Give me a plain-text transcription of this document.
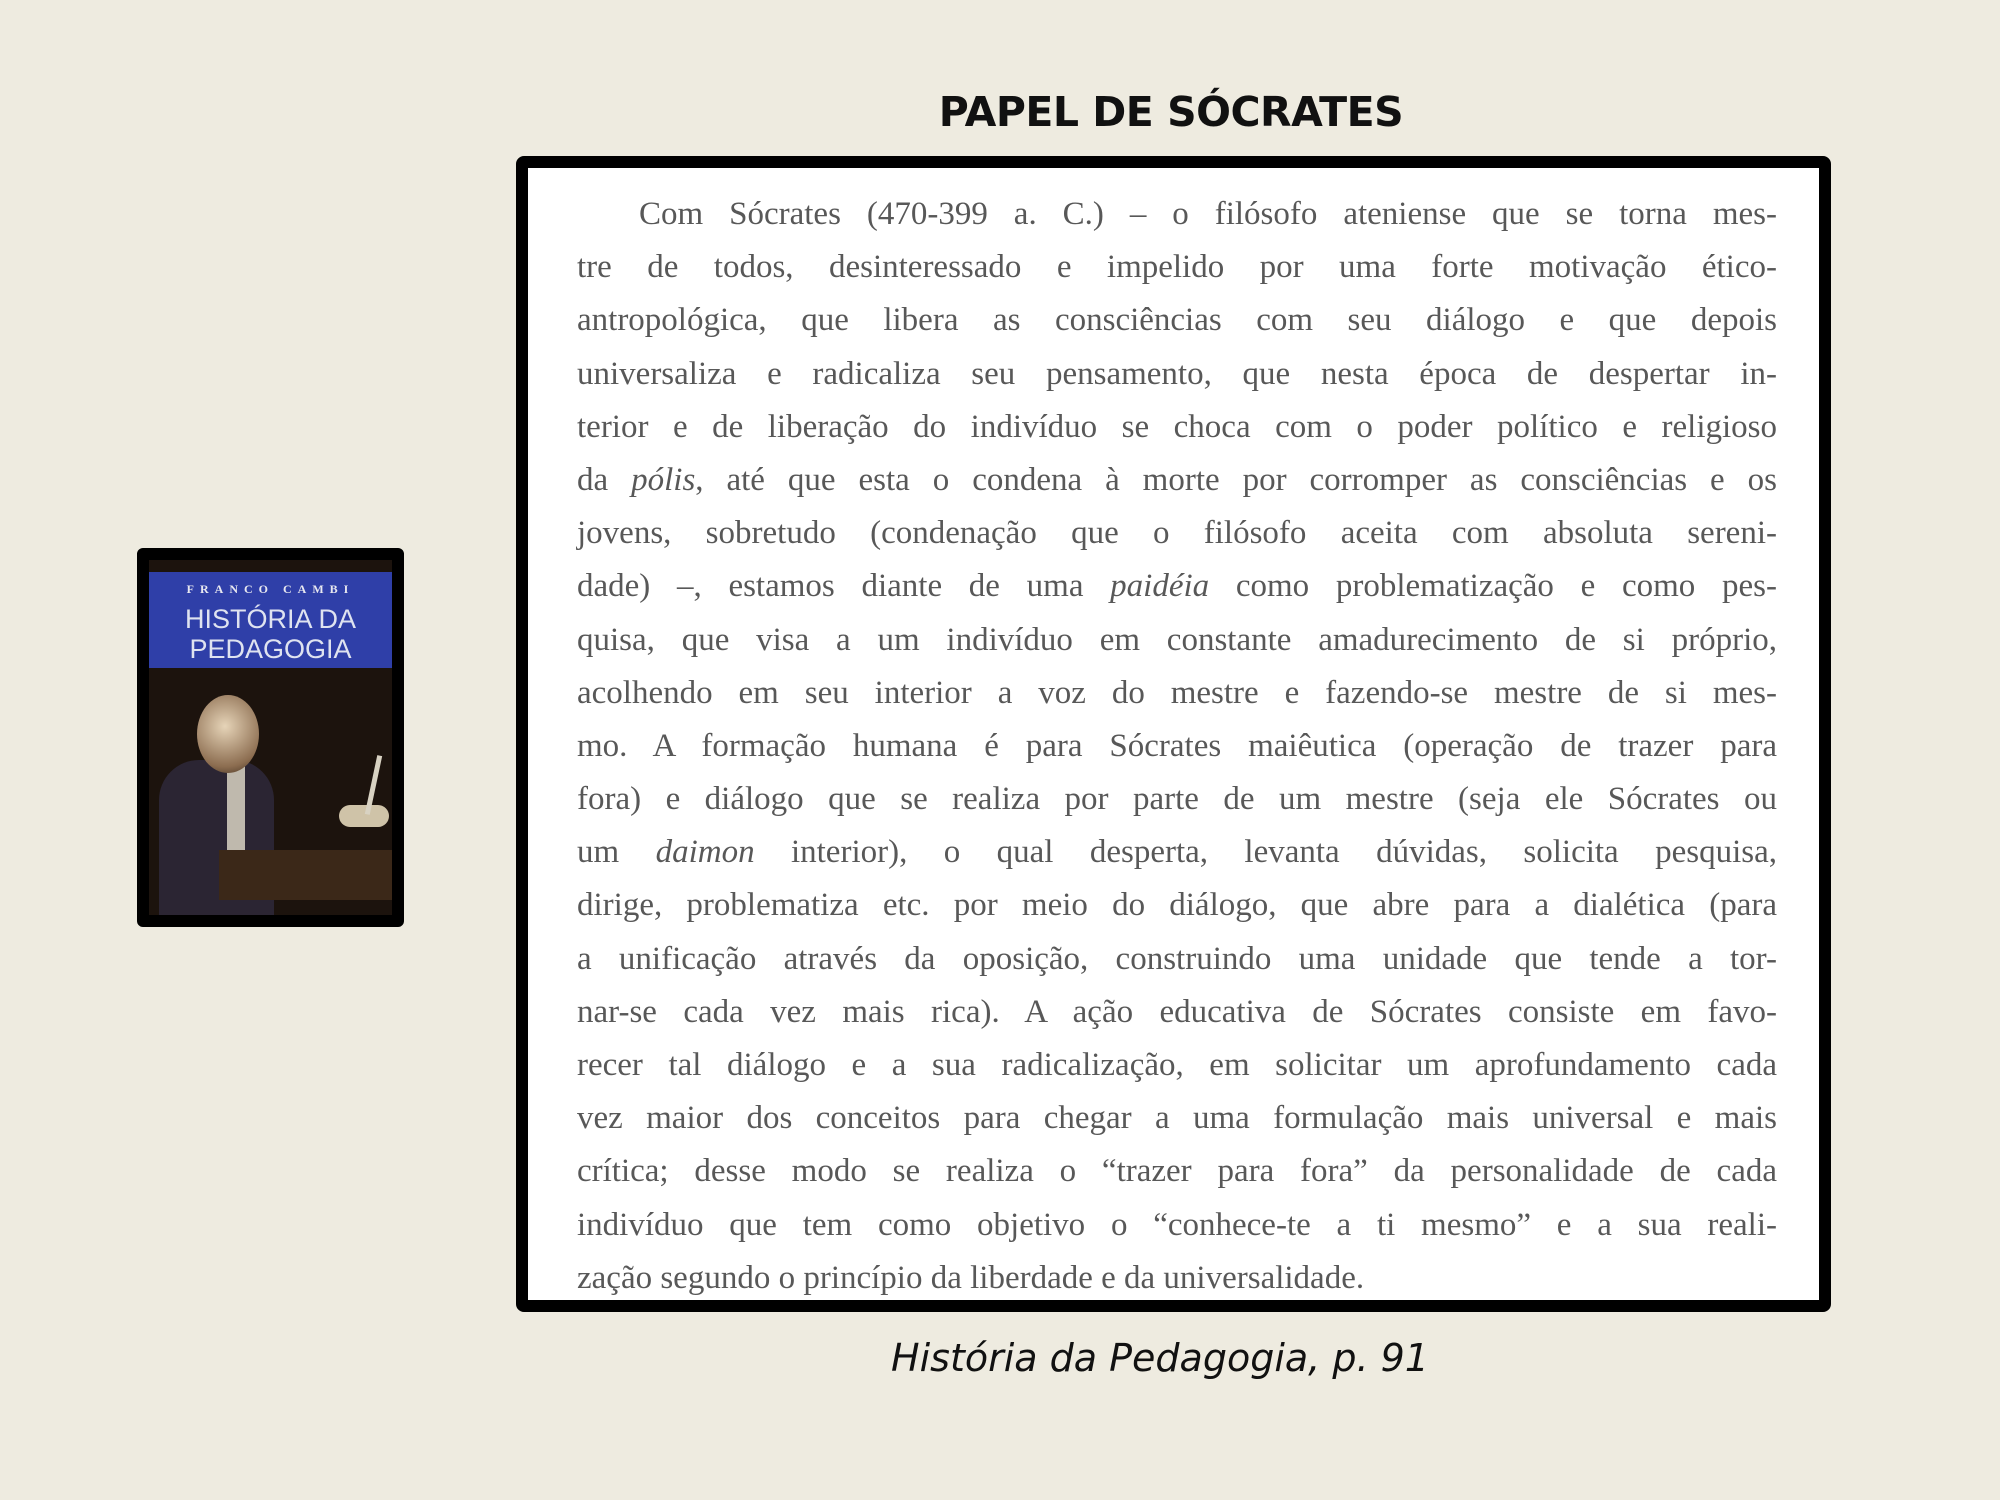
PAPEL DE SÓCRATES
FRANCO CAMBI
HISTÓRIA DA
PEDAGOGIA
Com Sócrates (470-399 a. C.) – o filósofo ateniense que se torna mes-
tre de todos, desinteressado e impelido por uma forte motivação ético-
antropológica, que libera as consciências com seu diálogo e que depois
universaliza e radicaliza seu pensamento, que nesta época de despertar in-
terior e de liberação do indivíduo se choca com o poder político e religioso
da pólis, até que esta o condena à morte por corromper as consciências e os
jovens, sobretudo (condenação que o filósofo aceita com absoluta sereni-
dade) –, estamos diante de uma paidéia como problematização e como pes-
quisa, que visa a um indivíduo em constante amadurecimento de si próprio,
acolhendo em seu interior a voz do mestre e fazendo-se mestre de si mes-
mo. A formação humana é para Sócrates maiêutica (operação de trazer para
fora) e diálogo que se realiza por parte de um mestre (seja ele Sócrates ou
um daimon interior), o qual desperta, levanta dúvidas, solicita pesquisa,
dirige, problematiza etc. por meio do diálogo, que abre para a dialética (para
a unificação através da oposição, construindo uma unidade que tende a tor-
nar-se cada vez mais rica). A ação educativa de Sócrates consiste em favo-
recer tal diálogo e a sua radicalização, em solicitar um aprofundamento cada
vez maior dos conceitos para chegar a uma formulação mais universal e mais
crítica; desse modo se realiza o “trazer para fora” da personalidade de cada
indivíduo que tem como objetivo o “conhece-te a ti mesmo” e a sua reali-
zação segundo o princípio da liberdade e da universalidade.
História da Pedagogia, p. 91
